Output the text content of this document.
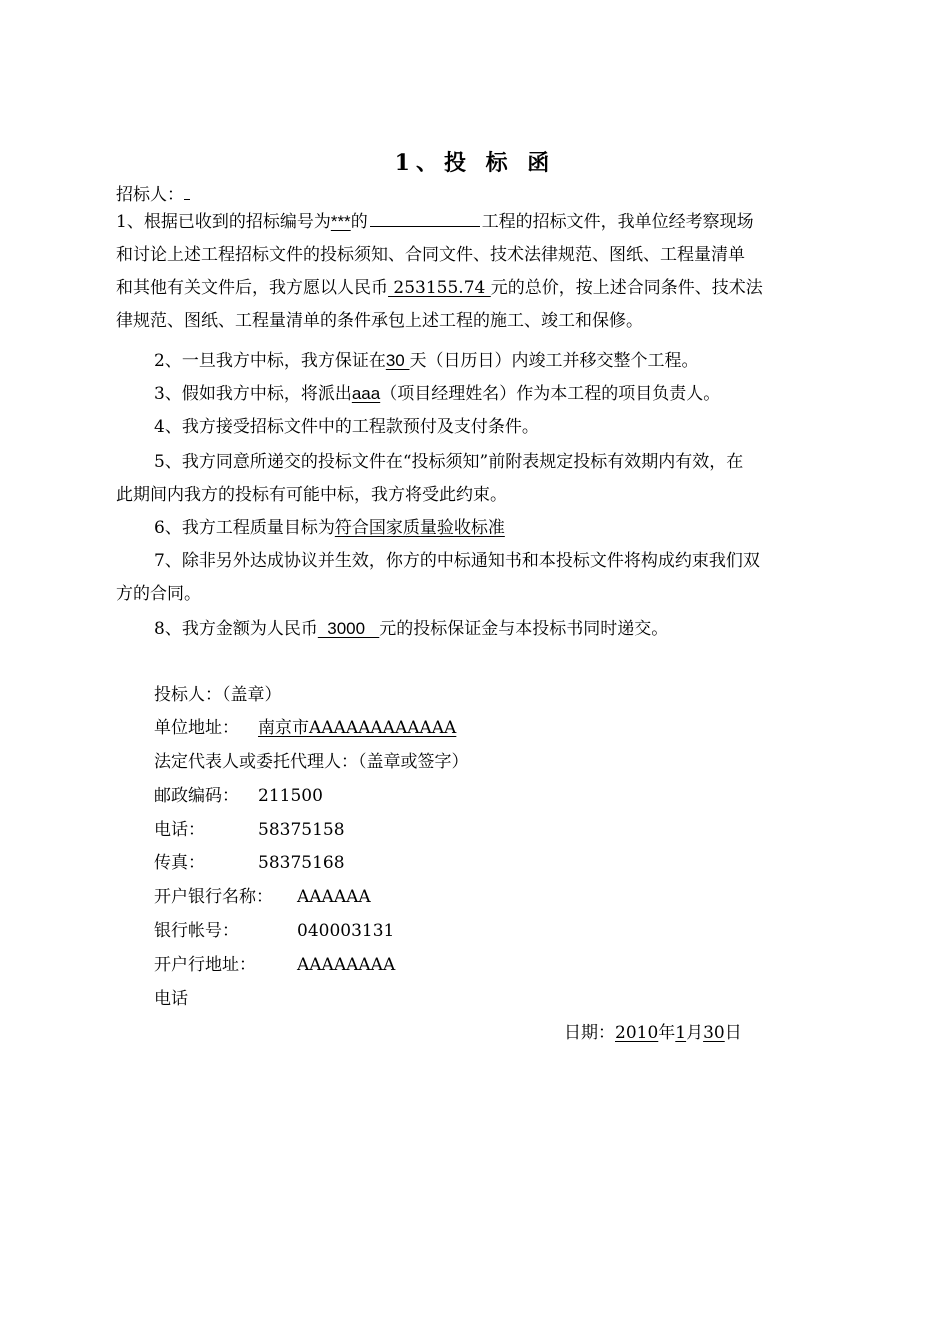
1、投 标 函
招标人：
1、根据已收到的招标编号为***的	工程的招标文件，我单位经考察现场
和讨论上述工程招标文件的投标须知、合同文件、技术法律规范、图纸、工程量清单
和其他有关文件后，我方愿以人民币 253155.74 元的总价，按上述合同条件、技术法
律规范、图纸、工程量清单的条件承包上述工程的施工、竣工和保修。
2、一旦我方中标，我方保证在30 天（日历日）内竣工并移交整个工程。
3、假如我方中标，将派出aaa（项目经理姓名）作为本工程的项目负责人。
4、我方接受招标文件中的工程款预付及支付条件。
5、我方同意所递交的投标文件在“投标须知”前附表规定投标有效期内有效，在
此期间内我方的投标有可能中标，我方将受此约束。
6、我方工程质量目标为符合国家质量验收标准
7、除非另外达成协议并生效，你方的中标通知书和本投标文件将构成约束我们双
方的合同。
8、我方金额为人民币  3000   元的投标保证金与本投标书同时递交。
投标人：（盖章）
单位地址： 南京市AAAAAAAAAAAA
法定代表人或委托代理人：（盖章或签字）
邮政编码： 211500
电话：	58375158
传真：	58375168
开户银行名称： AAAAAA
银行帐号：	040003131
开户行地址： AAAAAAAA
电话
日期：2010年1月30日
